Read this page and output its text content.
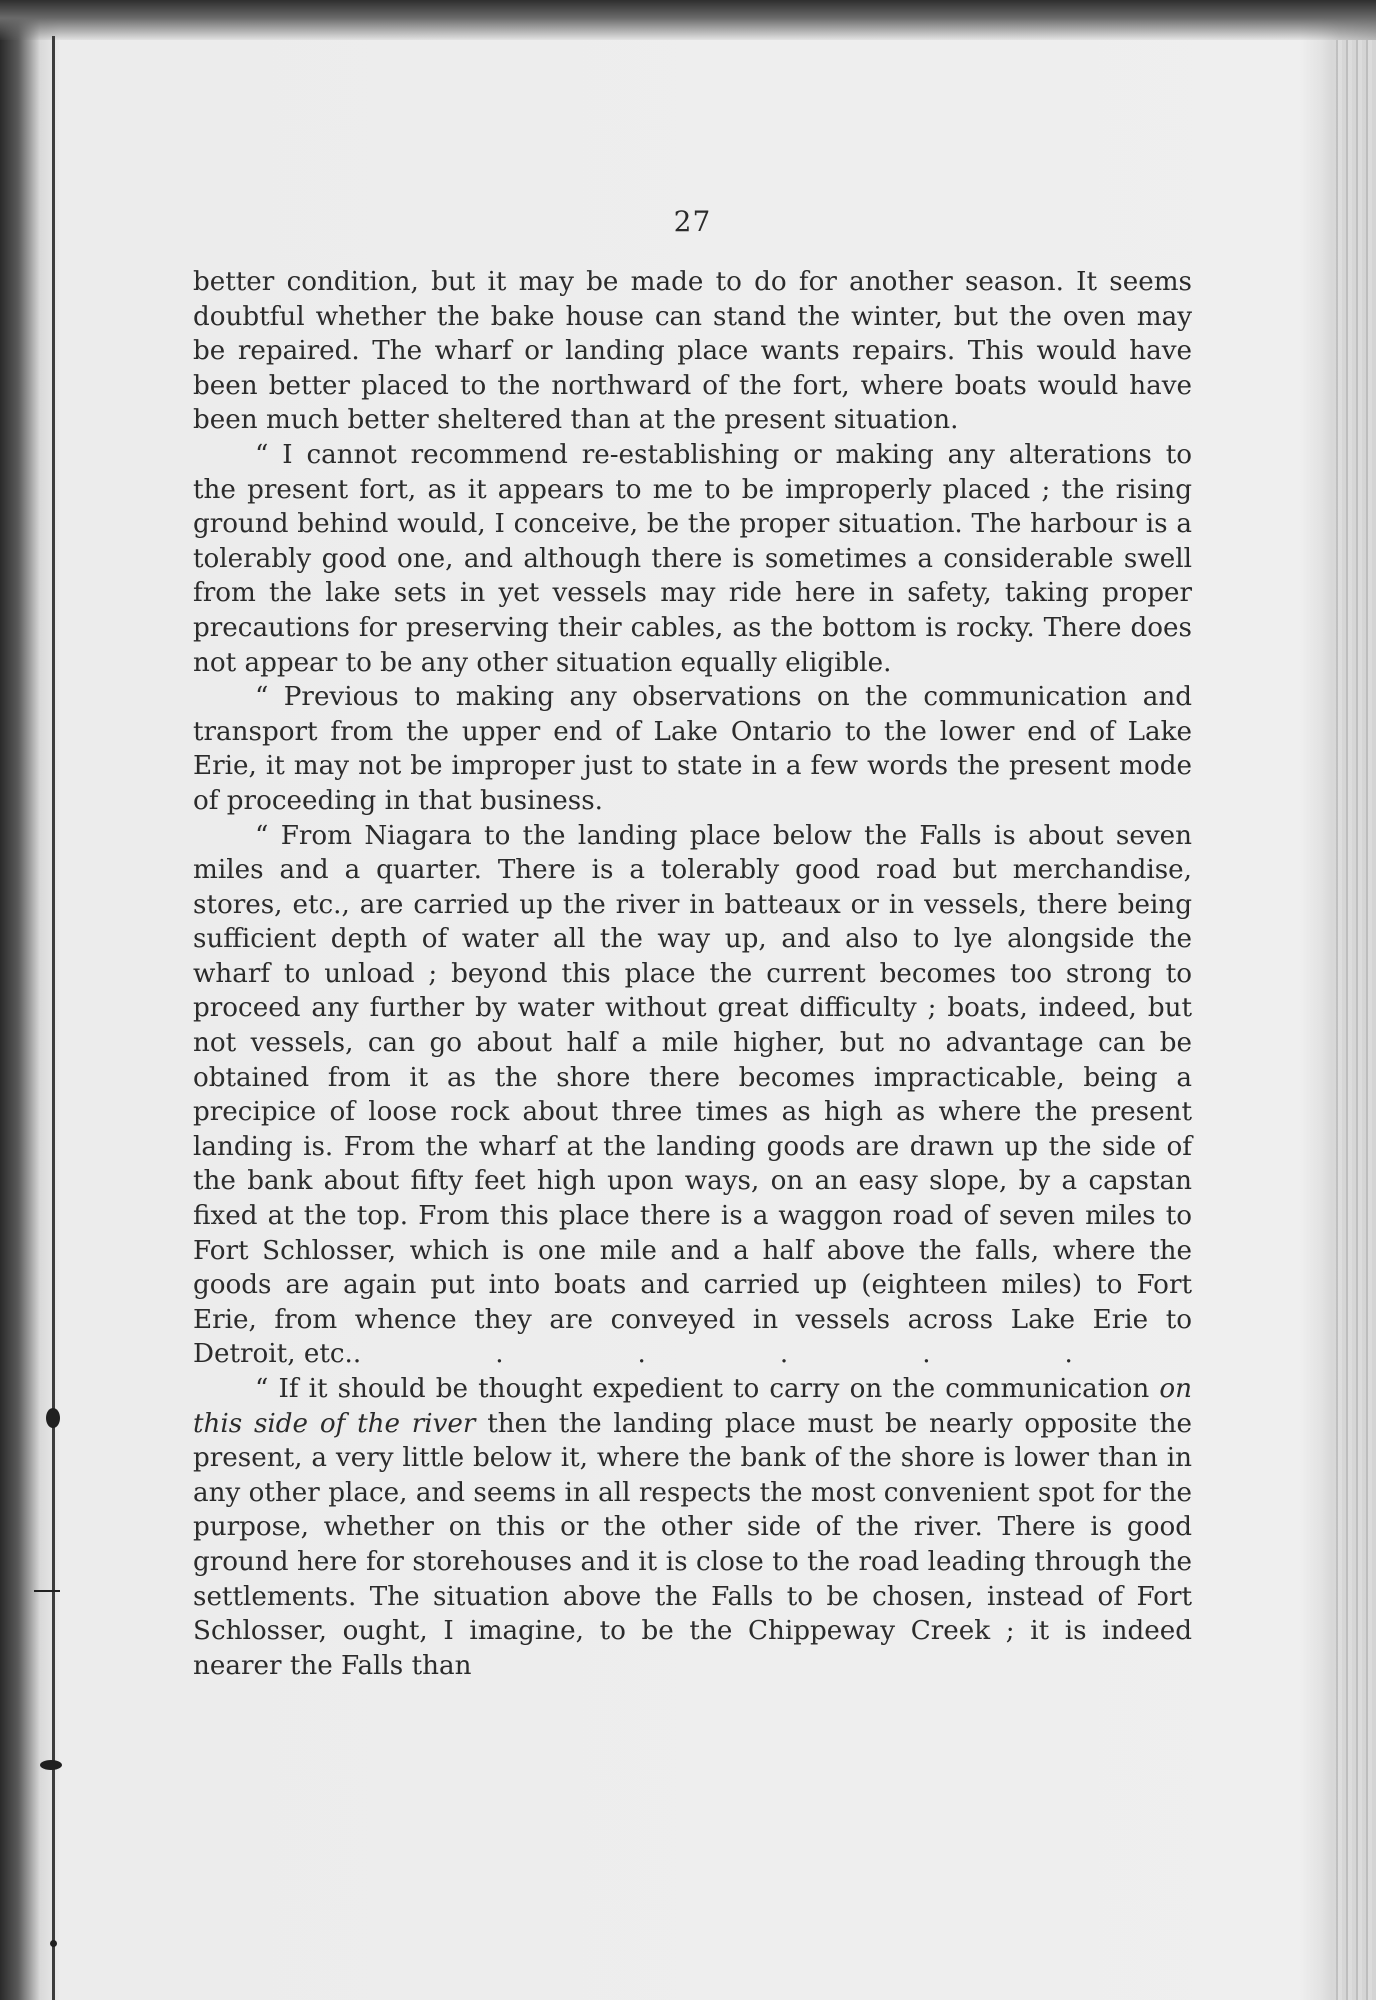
27

better condition, but it may be made to do for another season. It seems doubtful whether the bake house can stand the winter, but the oven may be repaired. The wharf or landing place wants repairs. This would have been better placed to the northward of the fort, where boats would have been much better sheltered than at the present situation.

“ I cannot recommend re-establishing or making any alterations to the present fort, as it appears to me to be improperly placed ; the rising ground behind would, I conceive, be the proper situation. The harbour is a tolerably good one, and although there is sometimes a considerable swell from the lake sets in yet vessels may ride here in safety, taking proper precautions for preserving their cables, as the bottom is rocky. There does not appear to be any other situation equally eligible.

“ Previous to making any observations on the communication and transport from the upper end of Lake Ontario to the lower end of Lake Erie, it may not be improper just to state in a few words the present mode of proceeding in that business.

“ From Niagara to the landing place below the Falls is about seven miles and a quarter. There is a tolerably good road but merchandise, stores, etc., are carried up the river in batteaux or in vessels, there being sufficient depth of water all the way up, and also to lye alongside the wharf to unload ; beyond this place the current becomes too strong to proceed any further by water without great difficulty ; boats, indeed, but not vessels, can go about half a mile higher, but no advantage can be obtained from it as the shore there becomes impracticable, being a precipice of loose rock about three times as high as where the present landing is. From the wharf at the landing goods are drawn up the side of the bank about fifty feet high upon ways, on an easy slope, by a capstan fixed at the top. From this place there is a waggon road of seven miles to Fort Schlosser, which is one mile and a half above the falls, where the goods are again put into boats and carried up (eighteen miles) to Fort Erie, from whence they are conveyed in vessels across Lake Erie to Detroit, etc.. . . . . .

“ If it should be thought expedient to carry on the communication on this side of the river then the landing place must be nearly opposite the present, a very little below it, where the bank of the shore is lower than in any other place, and seems in all respects the most convenient spot for the purpose, whether on this or the other side of the river. There is good ground here for storehouses and it is close to the road leading through the settlements. The situation above the Falls to be chosen, instead of Fort Schlosser, ought, I imagine, to be the Chippeway Creek ; it is indeed nearer the Falls than
